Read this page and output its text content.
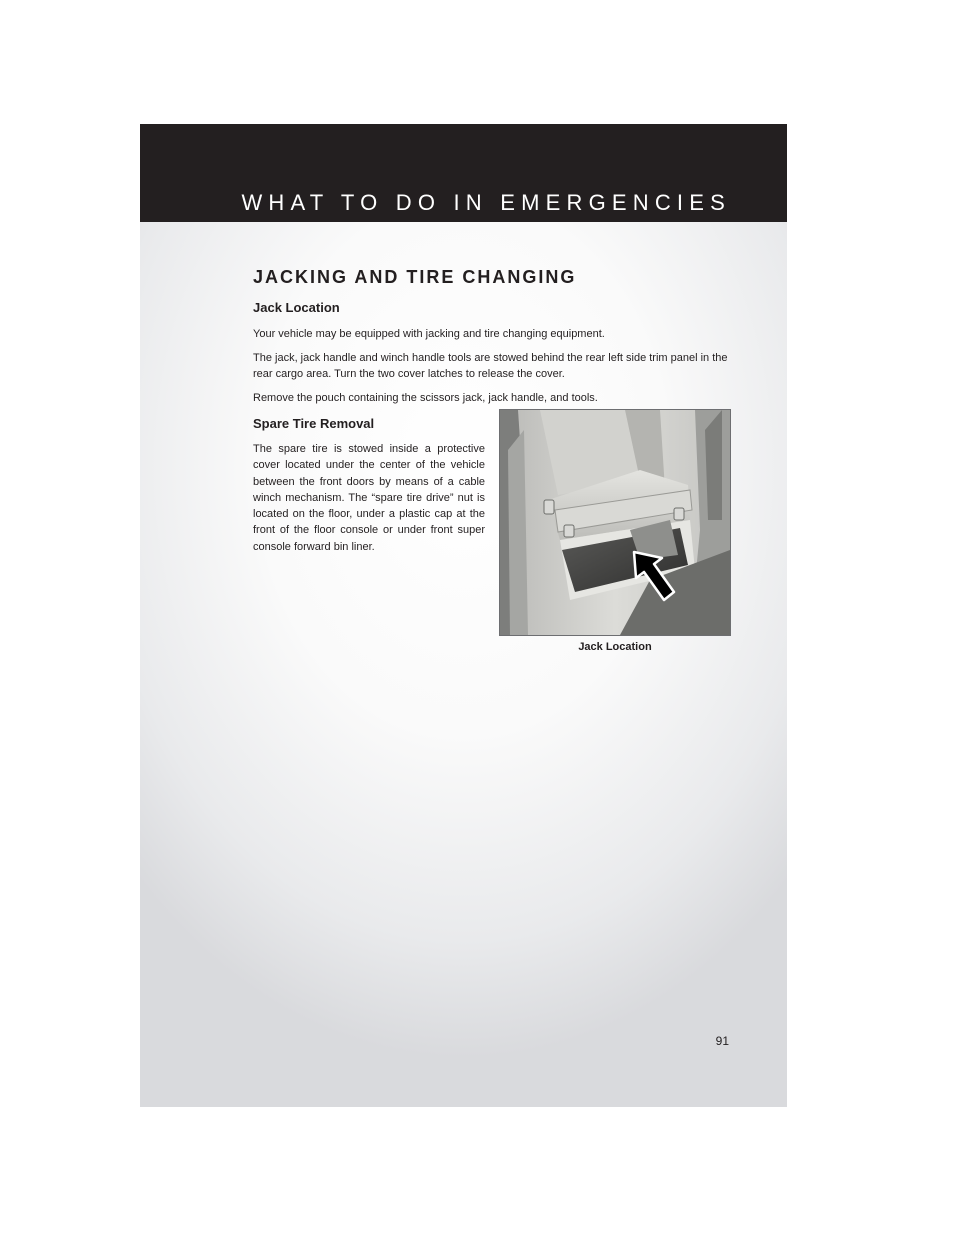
WHAT TO DO IN EMERGENCIES
JACKING AND TIRE CHANGING
Jack Location
Your vehicle may be equipped with jacking and tire changing equipment.
The jack, jack handle and winch handle tools are stowed behind the rear left side trim panel in the rear cargo area. Turn the two cover latches to release the cover.
Remove the pouch containing the scissors jack, jack handle, and tools.
Spare Tire Removal
The spare tire is stowed inside a protective cover located under the center of the vehicle between the front doors by means of a cable winch mechanism. The “spare tire drive” nut is located on the floor, under a plastic cap at the front of the floor console or under front super console forward bin liner.
Jack Location
91
